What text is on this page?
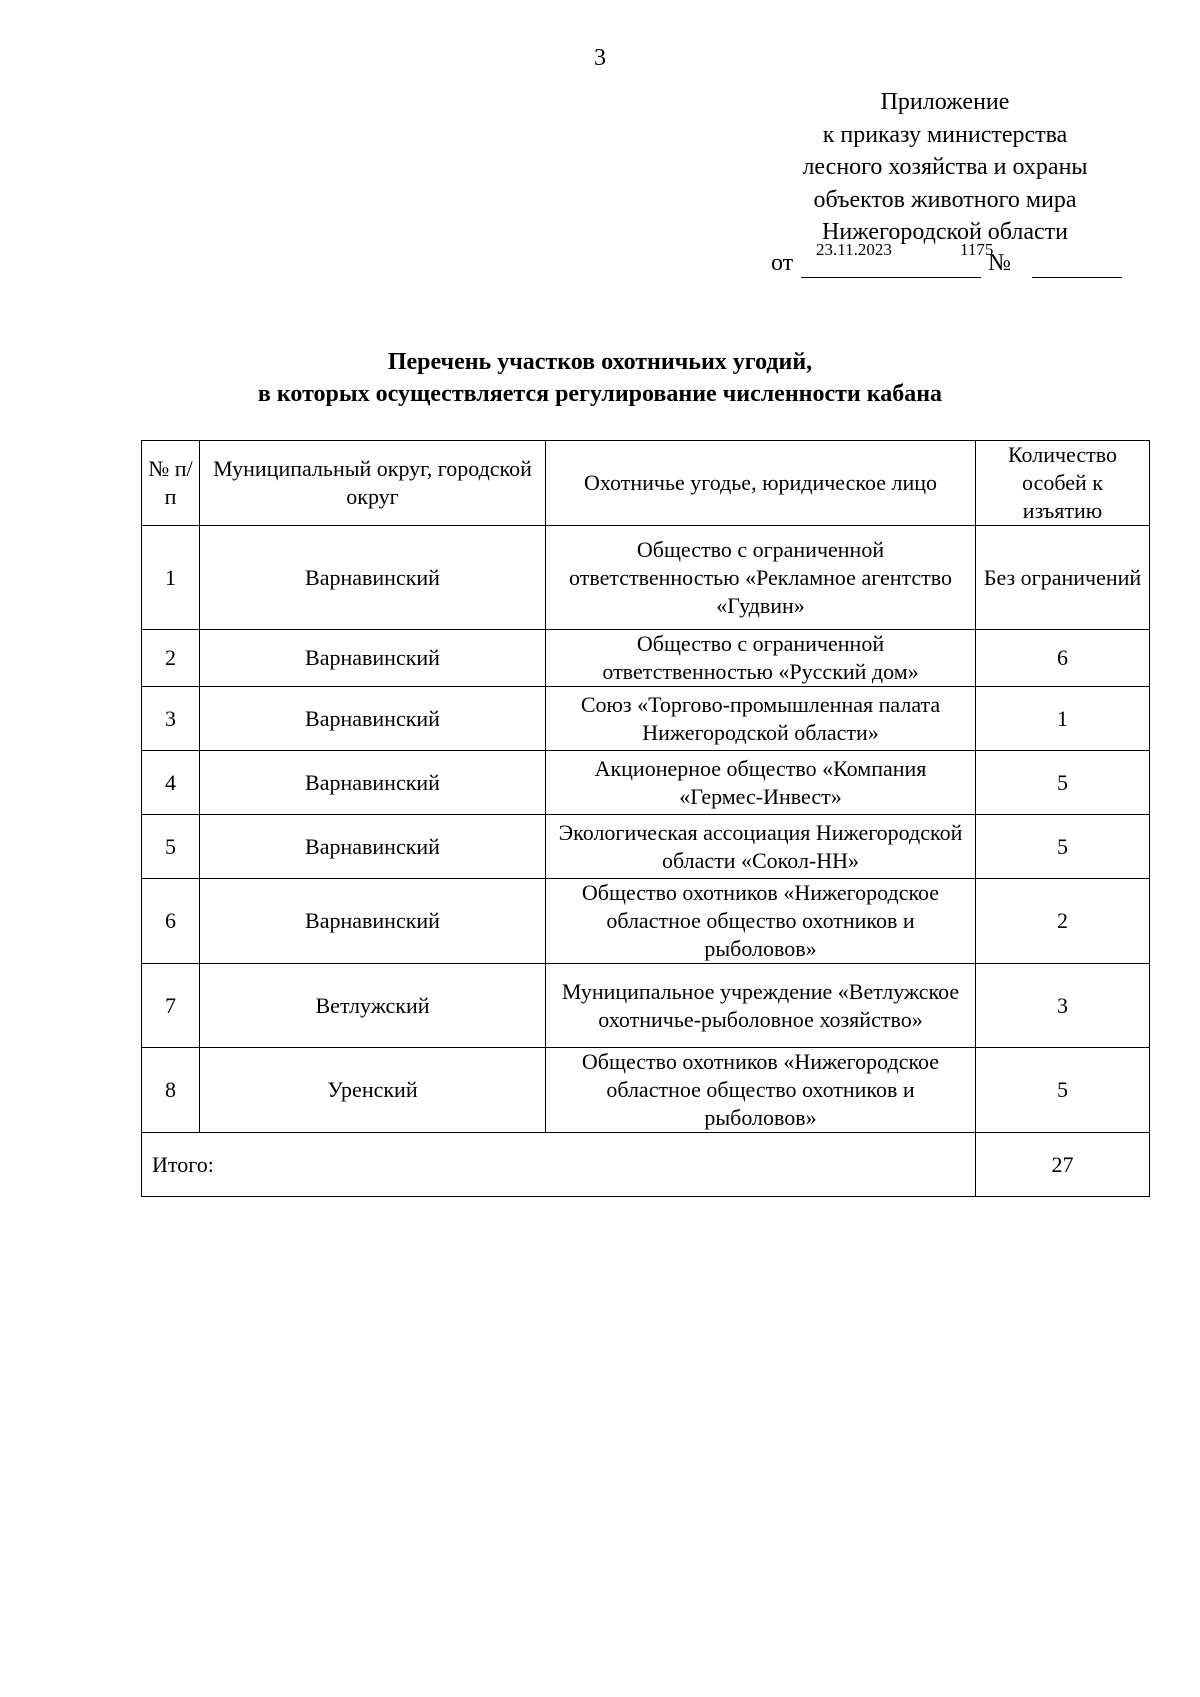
3
Приложение
к приказу министерства
лесного хозяйства и охраны
объектов животного мира
Нижегородской области
от
23.11.2023	1175
№
Перечень участков охотничьих угодий,
в которых осуществляется регулирование численности кабана
№ п/п	Муниципальный округ, городской округ	Охотничье угодье, юридическое лицо	Количество особей к изъятию
1	Варнавинский	Общество с ограниченной ответственностью «Рекламное агентство «Гудвин»	Без ограничений
2	Варнавинский	Общество с ограниченной ответственностью «Русский дом»	6
3	Варнавинский	Союз «Торгово-промышленная палата Нижегородской области»	1
4	Варнавинский	Акционерное общество «Компания «Гермес-Инвест»	5
5	Варнавинский	Экологическая ассоциация Нижегородской области «Сокол-НН»	5
6	Варнавинский	Общество охотников «Нижегородское областное общество охотников и рыболовов»	2
7	Ветлужский	Муниципальное учреждение «Ветлужское охотничье-рыболовное хозяйство»	3
8	Уренский	Общество охотников «Нижегородское областное общество охотников и рыболовов»	5
Итого:			27
